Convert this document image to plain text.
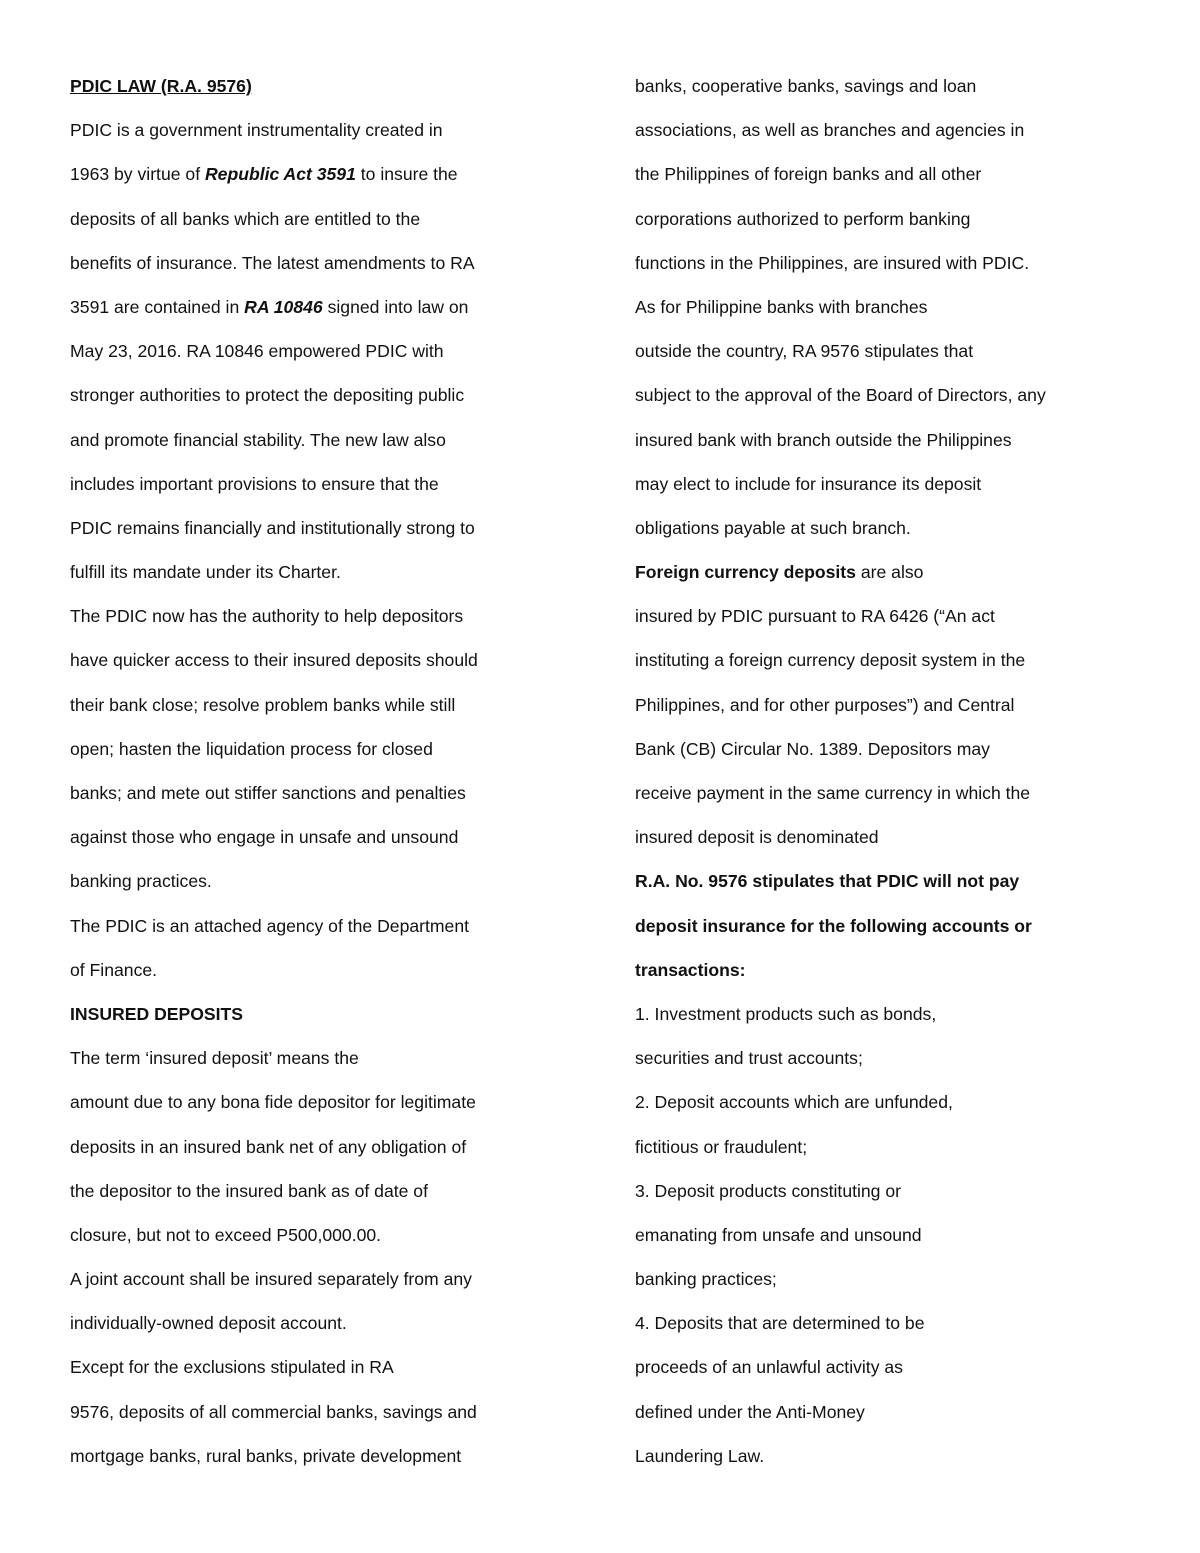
PDIC LAW (R.A. 9576)
PDIC is a government instrumentality created in
1963 by virtue of Republic Act 3591 to insure the
deposits of all banks which are entitled to the
benefits of insurance. The latest amendments to RA
3591 are contained in RA 10846 signed into law on
May 23, 2016. RA 10846 empowered PDIC with
stronger authorities to protect the depositing public
and promote financial stability. The new law also
includes important provisions to ensure that the
PDIC remains financially and institutionally strong to
fulfill its mandate under its Charter.
The PDIC now has the authority to help depositors
have quicker access to their insured deposits should
their bank close; resolve problem banks while still
open; hasten the liquidation process for closed
banks; and mete out stiffer sanctions and penalties
against those who engage in unsafe and unsound
banking practices.
The PDIC is an attached agency of the Department
of Finance.
INSURED DEPOSITS
The term ‘insured deposit’ means the
amount due to any bona fide depositor for legitimate
deposits in an insured bank net of any obligation of
the depositor to the insured bank as of date of
closure, but not to exceed P500,000.00.
A joint account shall be insured separately from any
individually-owned deposit account.
Except for the exclusions stipulated in RA
9576, deposits of all commercial banks, savings and
mortgage banks, rural banks, private development
banks, cooperative banks, savings and loan
associations, as well as branches and agencies in
the Philippines of foreign banks and all other
corporations authorized to perform banking
functions in the Philippines, are insured with PDIC.
As for Philippine banks with branches
outside the country, RA 9576 stipulates that
subject to the approval of the Board of Directors, any
insured bank with branch outside the Philippines
may elect to include for insurance its deposit
obligations payable at such branch.
Foreign currency deposits are also
insured by PDIC pursuant to RA 6426 (“An act
instituting a foreign currency deposit system in the
Philippines, and for other purposes”) and Central
Bank (CB) Circular No. 1389. Depositors may
receive payment in the same currency in which the
insured deposit is denominated
R.A. No. 9576 stipulates that PDIC will not pay
deposit insurance for the following accounts or
transactions:
1. Investment products such as bonds,
securities and trust accounts;
2. Deposit accounts which are unfunded,
fictitious or fraudulent;
3. Deposit products constituting or
emanating from unsafe and unsound
banking practices;
4. Deposits that are determined to be
proceeds of an unlawful activity as
defined under the Anti-Money
Laundering Law.
